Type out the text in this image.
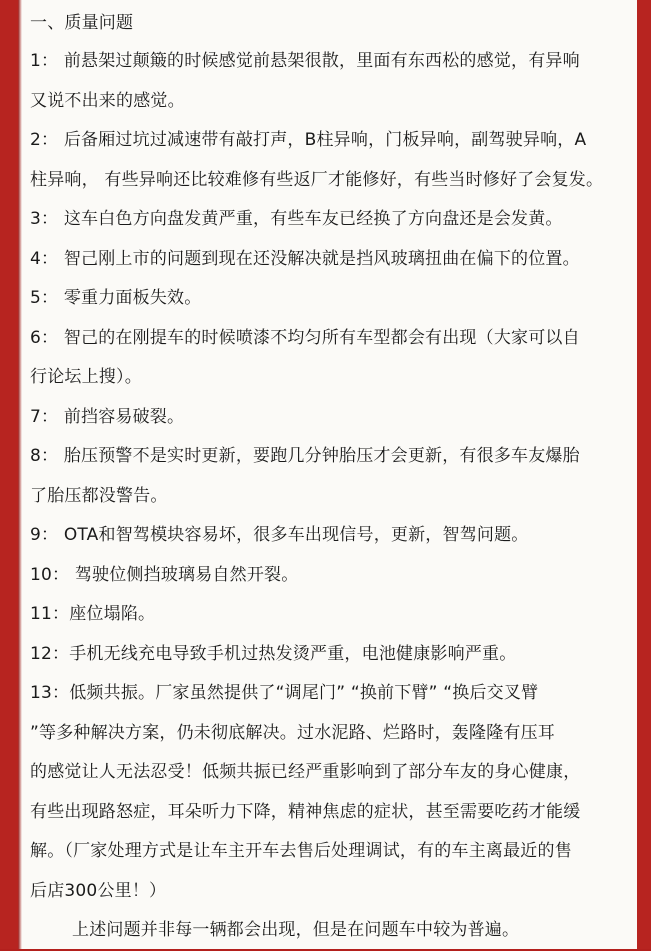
一、质量问题
1： 前悬架过颠簸的时候感觉前悬架很散，里面有东西松的感觉，有异响
又说不出来的感觉。
2： 后备厢过坑过减速带有敲打声，B柱异响，门板异响，副驾驶异响，A
柱异响， 有些异响还比较难修有些返厂才能修好，有些当时修好了会复发。
3： 这车白色方向盘发黄严重，有些车友已经换了方向盘还是会发黄。
4： 智己刚上市的问题到现在还没解决就是挡风玻璃扭曲在偏下的位置。
5： 零重力面板失效。
6： 智己的在刚提车的时候喷漆不均匀所有车型都会有出现（大家可以自
行论坛上搜）。
7： 前挡容易破裂。
8： 胎压预警不是实时更新，要跑几分钟胎压才会更新，有很多车友爆胎
了胎压都没警告。
9： OTA和智驾模块容易坏，很多车出现信号，更新，智驾问题。
10： 驾驶位侧挡玻璃易自然开裂。
11：座位塌陷。
12：手机无线充电导致手机过热发烫严重，电池健康影响严重。
13：低频共振。厂家虽然提供了“调尾门” “换前下臂” “换后交叉臂
”等多种解决方案，仍未彻底解决。过水泥路、烂路时，轰隆隆有压耳
的感觉让人无法忍受！低频共振已经严重影响到了部分车友的身心健康，
有些出现路怒症，耳朵听力下降，精神焦虑的症状，甚至需要吃药才能缓
解。（厂家处理方式是让车主开车去售后处理调试，有的车主离最近的售
后店300公里！）
上述问题并非每一辆都会出现，但是在问题车中较为普遍。
